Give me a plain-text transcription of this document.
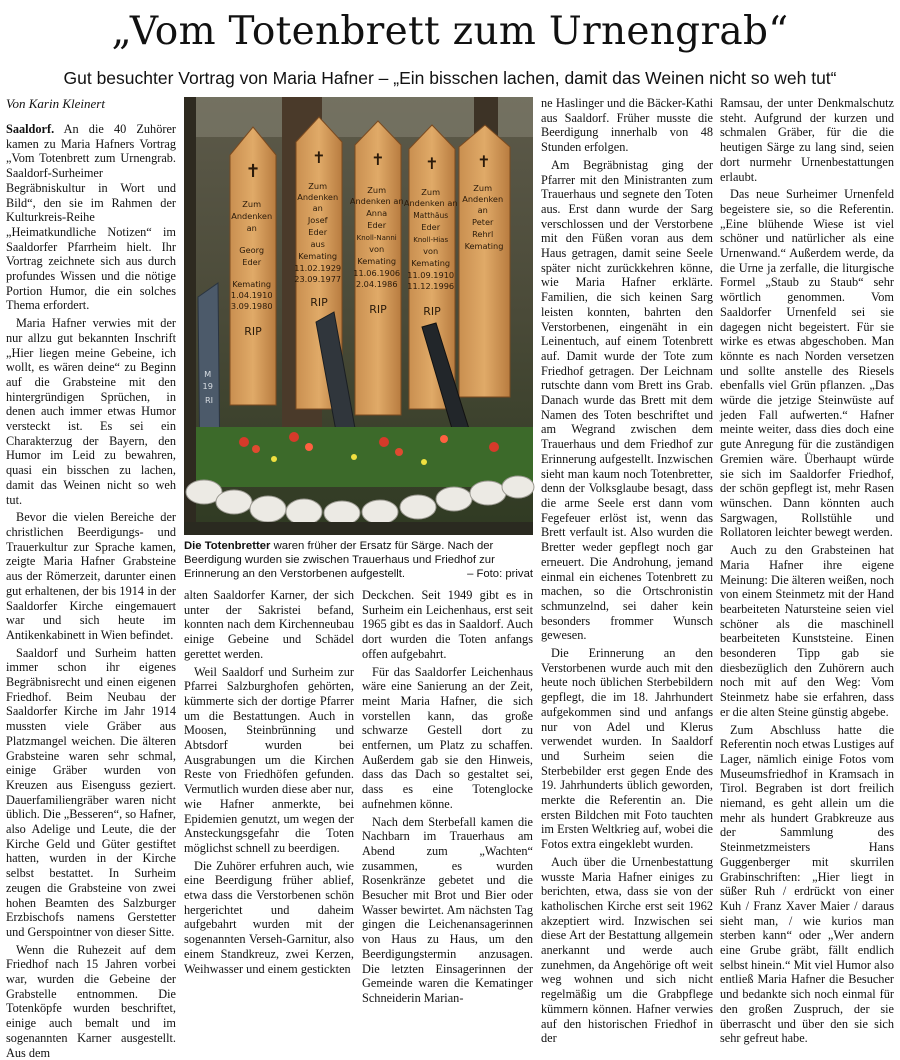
„Vom Totenbrett zum Urnengrab“
Gut besuchter Vortrag von Maria Hafner – „Ein bisschen lachen, damit das Weinen nicht so weh tut“
Von Karin Kleinert

Saaldorf. An die 40 Zuhörer kamen zu Maria Hafners Vortrag „Vom Totenbrett zum Urnengrab. Saaldorf-Surheimer Begräbniskultur in Wort und Bild“, den sie im Rahmen der Kulturkreis-Reihe „Heimatkundliche Notizen“ im Saaldorfer Pfarrheim hielt. Ihr Vortrag zeichnete sich aus durch profundes Wissen und die nötige Portion Humor, die ein solches Thema erfordert.

Maria Hafner verwies mit der nur allzu gut bekannten Inschrift „Hier liegen meine Gebeine, ich wollt, es wären deine“ zu Beginn auf die Grabsteine mit den hintergründigen Sprüchen, in denen auch immer etwas Humor versteckt ist. Es sei ein Charakterzug der Bayern, den Humor im Leid zu bewahren, quasi ein bisschen zu lachen, damit das Weinen nicht so weh tut.

Bevor die vielen Bereiche der christlichen Beerdigungs- und Trauerkultur zur Sprache kamen, zeigte Maria Hafner Grabsteine aus der Römerzeit, darunter einen gut erhaltenen, der bis 1914 in der Saaldorfer Kirche eingemauert war und sich heute im Antikenkabinett in Wien befindet.

Saaldorf und Surheim hatten immer schon ihr eigenes Begräbnisrecht und einen eigenen Friedhof. Beim Neubau der Saaldorfer Kirche im Jahr 1914 mussten viele Gräber aus Platzmangel weichen. Die älteren Grabsteine waren sehr schmal, einige Gräber wurden von Kreuzen aus Eisenguss geziert. Dauerfamiliengräber waren nicht üblich. Die „Besseren“, so Hafner, also Adelige und Leute, die der Kirche Geld und Güter gestiftet hatten, wurden in der Kirche selbst bestattet. In Surheim zeugen die Grabsteine von zwei hohen Beamten des Salzburger Erzbischofs namens Gerstetter und Gerspointner von dieser Sitte.

Wenn die Ruhezeit auf dem Friedhof nach 15 Jahren vorbei war, wurden die Gebeine der Grabstelle entnommen. Die Totenköpfe wurden beschriftet, einige auch bemalt und im sogenannten Karner ausgestellt. Aus dem

✝
✝	✝	✝ ✝
Zum Andenken an Georg Eder Kemating 1.04.1910 3.09.1980 RIP
Zum Andenken an Josef Eder aus Kemating 11.02.1929 23.09.1977 RIP
Zum Andenken an Anna Eder Knoll-Nanni von Kemating 11.06.1906 2.04.1986 RIP
Zum Andenken an Matthäus Eder Knoll-Hias von Kemating 11.09.1910 11.12.1996 RIP
Zum Andenken an Peter Rehrl Kemating
M 19 RI
Die Totenbretter waren früher der Ersatz für Särge. Nach der Beerdigung wurden sie zwischen Trauerhaus und Friedhof zur Erinnerung an den Verstorbenen aufgestellt.	– Foto: privat

alten Saaldorfer Karner, der sich unter der Sakristei befand, konnten nach dem Kirchenneubau einige Gebeine und Schädel gerettet werden.

Weil Saaldorf und Surheim zur Pfarrei Salzburghofen gehörten, kümmerte sich der dortige Pfarrer um die Bestattungen. Auch in Moosen, Steinbrünning und Abtsdorf wurden bei Ausgrabungen um die Kirchen Reste von Friedhöfen gefunden. Vermutlich wurden diese aber nur, wie Hafner anmerkte, bei Epidemien genutzt, um wegen der Ansteckungsgefahr die Toten möglichst schnell zu beerdigen.

Die Zuhörer erfuhren auch, wie eine Beerdigung früher ablief, etwa dass die Verstorbenen schön hergerichtet und daheim aufgebahrt wurden mit der sogenannten Verseh-Garnitur, also einem Standkreuz, zwei Kerzen, Weihwasser und einem gestickten

Deckchen. Seit 1949 gibt es in Surheim ein Leichenhaus, erst seit 1965 gibt es das in Saaldorf. Auch dort wurden die Toten anfangs offen aufgebahrt.

Für das Saaldorfer Leichenhaus wäre eine Sanierung an der Zeit, meint Maria Hafner, die sich vorstellen kann, das große schwarze Gestell dort zu entfernen, um Platz zu schaffen. Außerdem gab sie den Hinweis, dass das Dach so gestaltet sei, dass es eine Totenglocke aufnehmen könne.

Nach dem Sterbefall kamen die Nachbarn im Trauerhaus am Abend zum „Wachten“ zusammen, es wurden Rosenkränze gebetet und die Besucher mit Brot und Bier oder Wasser bewirtet. Am nächsten Tag gingen die Leichenansagerinnen von Haus zu Haus, um den Beerdigungstermin anzusagen. Die letzten Einsagerinnen der Gemeinde waren die Kematinger Schneiderin Marian-

ne Haslinger und die Bäcker-Kathi aus Saaldorf. Früher musste die Beerdigung innerhalb von 48 Stunden erfolgen.

Am Begräbnistag ging der Pfarrer mit den Ministranten zum Trauerhaus und segnete den Toten aus. Erst dann wurde der Sarg verschlossen und der Verstorbene mit den Füßen voran aus dem Haus getragen, damit seine Seele später nicht zurückkehren könne, wie Maria Hafner erklärte. Familien, die sich keinen Sarg leisten konnten, bahrten den Verstorbenen, eingenäht in ein Leinentuch, auf einem Totenbrett auf. Damit wurde der Tote zum Friedhof getragen. Der Leichnam rutschte dann vom Brett ins Grab. Danach wurde das Brett mit dem Namen des Toten beschriftet und am Wegrand zwischen dem Trauerhaus und dem Friedhof zur Erinnerung aufgestellt. Inzwischen sieht man kaum noch Totenbretter, denn der Volksglaube besagt, dass die arme Seele erst dann vom Fegefeuer erlöst ist, wenn das Brett verfault ist. Also wurden die Bretter weder gepflegt noch gar erneuert. Die Androhung, jemand einmal ein eichenes Totenbrett zu machen, so die Ortschronistin schmunzelnd, sei daher kein besonders frommer Wunsch gewesen.

Die Erinnerung an den Verstorbenen wurde auch mit den heute noch üblichen Sterbebildern gepflegt, die im 18. Jahrhundert aufgekommen sind und anfangs nur von Adel und Klerus verwendet wurden. In Saaldorf und Surheim seien die Sterbebilder erst gegen Ende des 19. Jahrhunderts üblich geworden, merkte die Referentin an. Die ersten Bildchen mit Foto tauchten im Ersten Weltkrieg auf, wobei die Fotos extra eingeklebt wurden.

Auch über die Urnenbestattung wusste Maria Hafner einiges zu berichten, etwa, dass sie von der katholischen Kirche erst seit 1962 akzeptiert wird. Inzwischen sei diese Art der Bestattung allgemein anerkannt und werde auch zunehmen, da Angehörige oft weit weg wohnen und sich nicht regelmäßig um die Grabpflege kümmern können. Hafner verwies auf den historischen Friedhof in der

Ramsau, der unter Denkmalschutz steht. Aufgrund der kurzen und schmalen Gräber, für die die heutigen Särge zu lang sind, seien dort nurmehr Urnenbestattungen erlaubt.

Das neue Surheimer Urnenfeld begeistere sie, so die Referentin. „Eine blühende Wiese ist viel schöner und natürlicher als eine Urnenwand.“ Außerdem werde, da die Urne ja zerfalle, die liturgische Formel „Staub zu Staub“ sehr wörtlich genommen. Vom Saaldorfer Urnenfeld sei sie dagegen nicht begeistert. Für sie wirke es etwas abgeschoben. Man könnte es nach Norden versetzen und sollte anstelle des Riesels ebenfalls viel Grün pflanzen. „Das würde die jetzige Steinwüste auf jeden Fall aufwerten.“ Hafner meinte weiter, dass dies doch eine gute Anregung für die zuständigen Gremien wäre. Überhaupt würde sie sich im Saaldorfer Friedhof, der schön gepflegt ist, mehr Rasen wünschen. Dann könnten auch Sargwagen, Rollstühle und Rollatoren leichter bewegt werden.

Auch zu den Grabsteinen hat Maria Hafner ihre eigene Meinung: Die älteren weißen, noch von einem Steinmetz mit der Hand bearbeiteten Natursteine seien viel schöner als die maschinell bearbeiteten Kunststeine. Einen besonderen Tipp gab sie diesbezüglich den Zuhörern auch noch mit auf den Weg: Vom Steinmetz habe sie erfahren, dass er die alten Steine günstig abgebe.

Zum Abschluss hatte die Referentin noch etwas Lustiges auf Lager, nämlich einige Fotos vom Museumsfriedhof in Kramsach in Tirol. Begraben ist dort freilich niemand, es geht allein um die mehr als hundert Grabkreuze aus der Sammlung des Steinmetzmeisters Hans Guggenberger mit skurrilen Grabinschriften: „Hier liegt in süßer Ruh / erdrückt von einer Kuh / Franz Xaver Maier / daraus sieht man, / wie kurios man sterben kann“ oder „Wer andern eine Grube gräbt, fällt endlich selbst hinein.“ Mit viel Humor also entließ Maria Hafner die Besucher und bedankte sich noch einmal für den großen Zuspruch, der sie überrascht und über den sie sich sehr gefreut habe.
